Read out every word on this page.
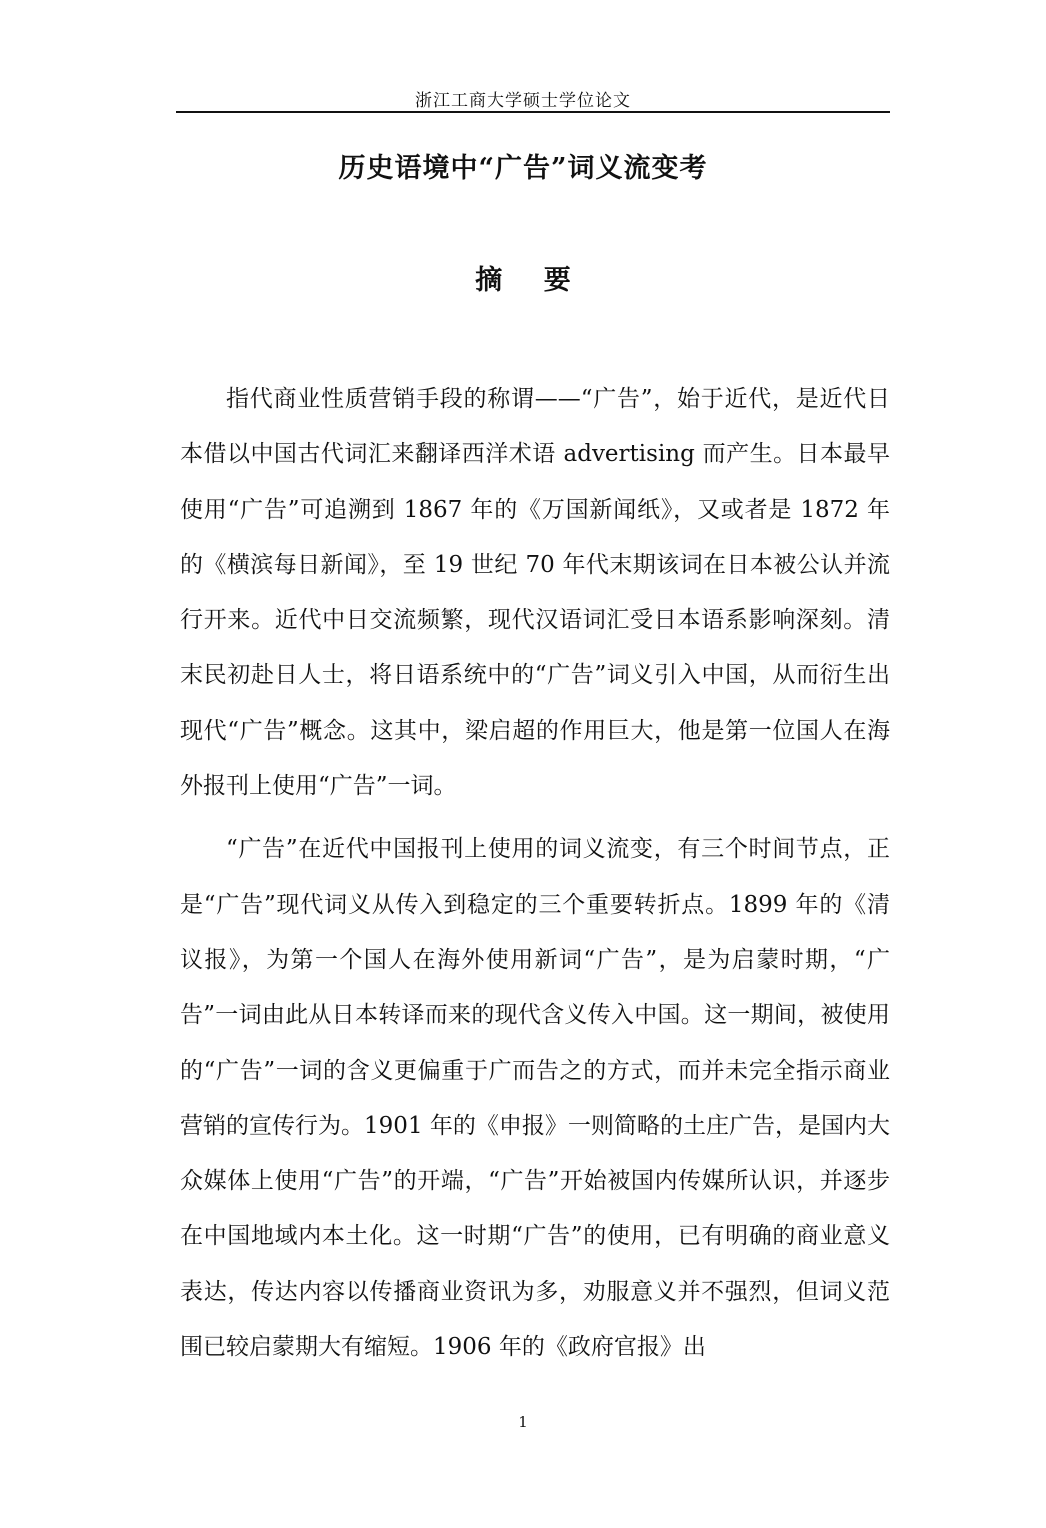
浙江工商大学硕士学位论文
历史语境中“广告”词义流变考
摘 要

指代商业性质营销手段的称谓——“广告”，始于近代，是近代日本借以中国古代词汇来翻译西洋术语 advertising 而产生。日本最早使用“广告”可追溯到 1867 年的《万国新闻纸》，又或者是 1872 年的《横滨每日新闻》，至 19 世纪 70 年代末期该词在日本被公认并流行开来。近代中日交流频繁，现代汉语词汇受日本语系影响深刻。清末民初赴日人士，将日语系统中的“广告”词义引入中国，从而衍生出现代“广告”概念。这其中，梁启超的作用巨大，他是第一位国人在海外报刊上使用“广告”一词。

“广告”在近代中国报刊上使用的词义流变，有三个时间节点，正是“广告”现代词义从传入到稳定的三个重要转折点。1899 年的《清议报》，为第一个国人在海外使用新词“广告”，是为启蒙时期，“广告”一词由此从日本转译而来的现代含义传入中国。这一期间，被使用的“广告”一词的含义更偏重于广而告之的方式，而并未完全指示商业营销的宣传行为。1901 年的《申报》一则简略的土庄广告，是国内大众媒体上使用“广告”的开端，“广告”开始被国内传媒所认识，并逐步在中国地域内本土化。这一时期“广告”的使用，已有明确的商业意义表达，传达内容以传播商业资讯为多，劝服意义并不强烈，但词义范围已较启蒙期大有缩短。1906 年的《政府官报》出

1
